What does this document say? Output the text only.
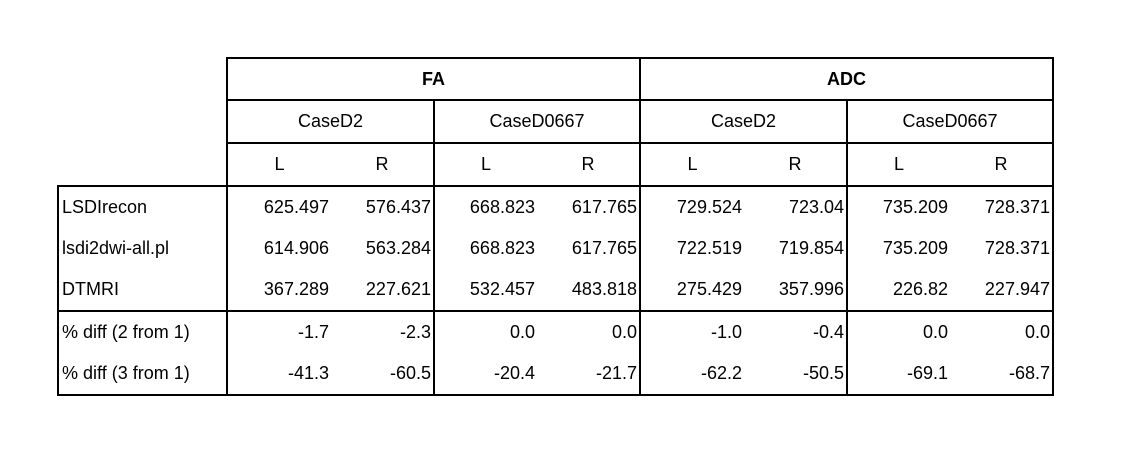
	FA				ADC			
	CaseD2		CaseD0667		CaseD2		CaseD0667	
	L	R	L	R	L	R	L	R
LSDIrecon	625.497	576.437	668.823	617.765	729.524	723.04	735.209	728.371
lsdi2dwi-all.pl	614.906	563.284	668.823	617.765	722.519	719.854	735.209	728.371
DTMRI	367.289	227.621	532.457	483.818	275.429	357.996	226.82	227.947
% diff (2 from 1)	-1.7	-2.3	0.0	0.0	-1.0	-0.4	0.0	0.0
% diff (3 from 1)	-41.3	-60.5	-20.4	-21.7	-62.2	-50.5	-69.1	-68.7
